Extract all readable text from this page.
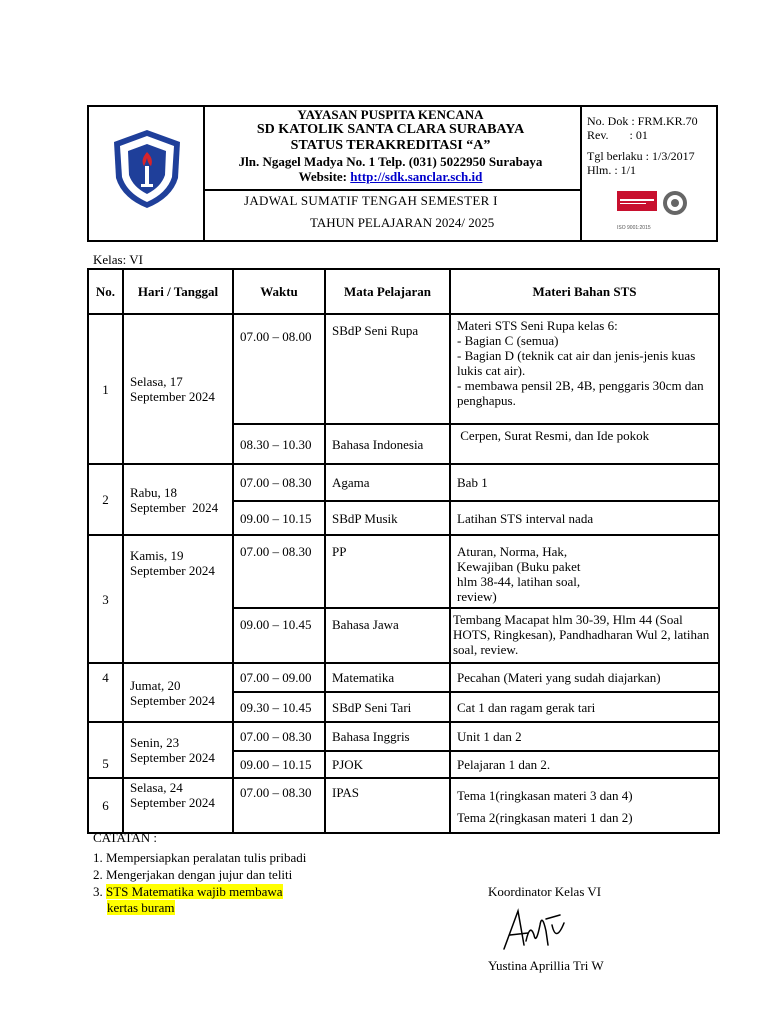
YAYASAN PUSPITA KENCANA
SD KATOLIK SANTA CLARA SURABAYA
STATUS TERAKREDITASI “A”
Jln. Ngagel Madya No. 1 Telp. (031) 5022950 Surabaya
Website: http://sdk.sanclar.sch.id
JADWAL SUMATIF TENGAH SEMESTER I
TAHUN PELAJARAN 2024/ 2025
No. Dok : FRM.KR.70
Rev.       : 01
Tgl berlaku : 1/3/2017
Hlm. : 1/1
ISO 9001:2015
Kelas: VI
No.	Hari / Tanggal	Waktu	Mata Pelajaran	Materi Bahan STS
1	Selasa, 17
September 2024	07.00 – 08.00	SBdP Seni Rupa	Materi STS Seni Rupa kelas 6:
- Bagian C (semua)
- Bagian D (teknik cat air dan jenis-jenis kuas lukis cat air).
- membawa pensil 2B, 4B, penggaris 30cm dan penghapus.
		08.30 – 10.30	Bahasa Indonesia	Cerpen, Surat Resmi, dan Ide pokok
2	Rabu, 18
September  2024	07.00 – 08.30	Agama	Bab 1
		09.00 – 10.15	SBdP Musik	Latihan STS interval nada
3	Kamis, 19
September 2024	07.00 – 08.30	PP	Aturan, Norma, Hak,
Kewajiban (Buku paket
hlm 38-44, latihan soal,
review)
		09.00 – 10.45	Bahasa Jawa	Tembang Macapat hlm 30-39, Hlm 44 (Soal HOTS, Ringkesan), Pandhadharan Wul 2, latihan soal, review.
4	Jumat, 20
September 2024	07.00 – 09.00	Matematika	Pecahan (Materi yang sudah diajarkan)
		09.30 – 10.45	SBdP Seni Tari	Cat 1 dan ragam gerak tari
5	Senin, 23
September 2024	07.00 – 08.30	Bahasa Inggris	Unit 1 dan 2
		09.00 – 10.15	PJOK	Pelajaran 1 dan 2.
6	Selasa, 24
September 2024	07.00 – 08.30	IPAS	Tema 1(ringkasan materi 3 dan 4)
Tema 2(ringkasan materi 1 dan 2)
CATATAN :
1. Mempersiapkan peralatan tulis pribadi
2. Mengerjakan dengan jujur dan teliti
3. STS Matematika wajib membawa
kertas buram
Koordinator Kelas VI
Yustina Aprillia Tri W
